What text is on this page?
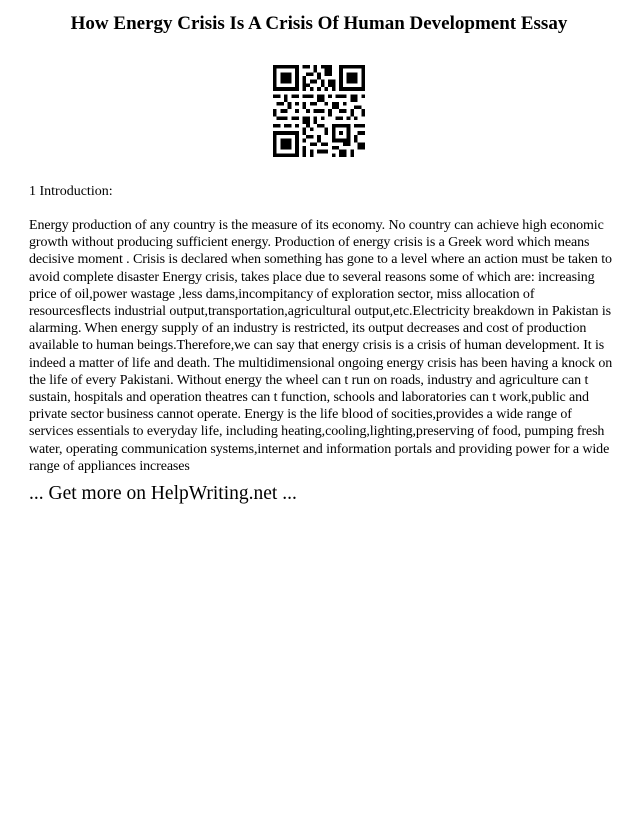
How Energy Crisis Is A Crisis Of Human Development Essay
1 Introduction:

Energy production of any country is the measure of its economy. No country can achieve high economic growth without producing sufficient energy. Production of energy crisis is a Greek word which means decisive moment . Crisis is declared when something has gone to a level where an action must be taken to avoid complete disaster Energy crisis, takes place due to several reasons some of which are: increasing price of oil,power wastage ,less dams,incompitancy of exploration sector, miss allocation of resourcesflects industrial output,transportation,agricultural output,etc.Electricity breakdown in Pakistan is alarming. When energy supply of an industry is restricted, its output decreases and cost of production available to human beings.Therefore,we can say that energy crisis is a crisis of human development. It is indeed a matter of life and death. The multidimensional ongoing energy crisis has been having a knock on the life of every Pakistani. Without energy the wheel can t run on roads, industry and agriculture can t sustain, hospitals and operation theatres can t function, schools and laboratories can t work,public and private sector business cannot operate. Energy is the life blood of socities,provides a wide range of services essentials to everyday life, including heating,cooling,lighting,preserving of food, pumping fresh water, operating communication systems,internet and information portals and providing power for a wide range of appliances increases

... Get more on HelpWriting.net ...
